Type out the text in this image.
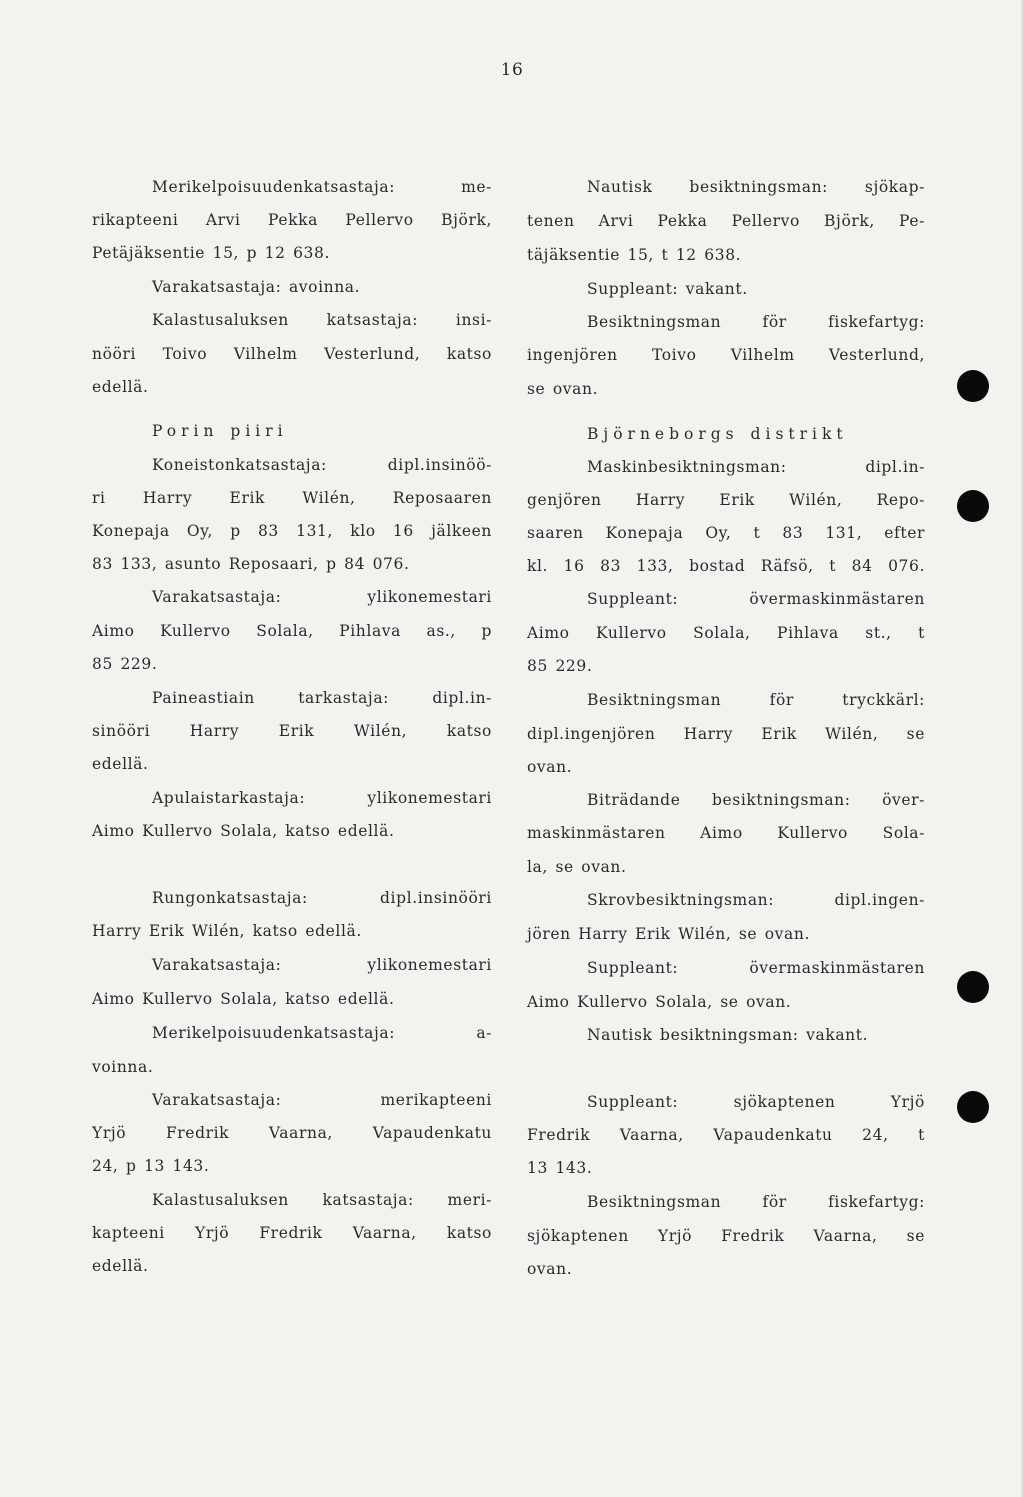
16
Merikelpoisuudenkatsastaja: me-
rikapteeni Arvi Pekka Pellervo Björk,
Petäjäksentie 15, p 12 638.
Varakatsastaja: avoinna.
Kalastusaluksen katsastaja: insi-
nööri Toivo Vilhelm Vesterlund, katso
edellä.
Porin piiri
Koneistonkatsastaja: dipl.insinöö-
ri Harry Erik Wilén, Reposaaren
Konepaja Oy, p 83 131, klo 16 jälkeen
83 133, asunto Reposaari, p 84 076.
Varakatsastaja: ylikonemestari
Aimo Kullervo Solala, Pihlava as., p
85 229.
Paineastiain tarkastaja: dipl.in-
sinööri Harry Erik Wilén, katso
edellä.
Apulaistarkastaja: ylikonemestari
Aimo Kullervo Solala, katso edellä.
Rungonkatsastaja: dipl.insinööri
Harry Erik Wilén, katso edellä.
Varakatsastaja: ylikonemestari
Aimo Kullervo Solala, katso edellä.
Merikelpoisuudenkatsastaja: a-
voinna.
Varakatsastaja: merikapteeni
Yrjö Fredrik Vaarna, Vapaudenkatu
24, p 13 143.
Kalastusaluksen katsastaja: meri-
kapteeni Yrjö Fredrik Vaarna, katso
edellä.
Nautisk besiktningsman: sjökap-
tenen Arvi Pekka Pellervo Björk, Pe-
täjäksentie 15, t 12 638.
Suppleant: vakant.
Besiktningsman för fiskefartyg:
ingenjören Toivo Vilhelm Vesterlund,
se ovan.
Björneborgs distrikt
Maskinbesiktningsman: dipl.in-
genjören Harry Erik Wilén, Repo-
saaren Konepaja Oy, t 83 131, efter
kl. 16 83 133, bostad Räfsö, t 84 076.
Suppleant: övermaskinmästaren
Aimo Kullervo Solala, Pihlava st., t
85 229.
Besiktningsman för tryckkärl:
dipl.ingenjören Harry Erik Wilén, se
ovan.
Biträdande besiktningsman: över-
maskinmästaren Aimo Kullervo Sola-
la, se ovan.
Skrovbesiktningsman: dipl.ingen-
jören Harry Erik Wilén, se ovan.
Suppleant: övermaskinmästaren
Aimo Kullervo Solala, se ovan.
Nautisk besiktningsman: vakant.
Suppleant: sjökaptenen Yrjö
Fredrik Vaarna, Vapaudenkatu 24, t
13 143.
Besiktningsman för fiskefartyg:
sjökaptenen Yrjö Fredrik Vaarna, se
ovan.
